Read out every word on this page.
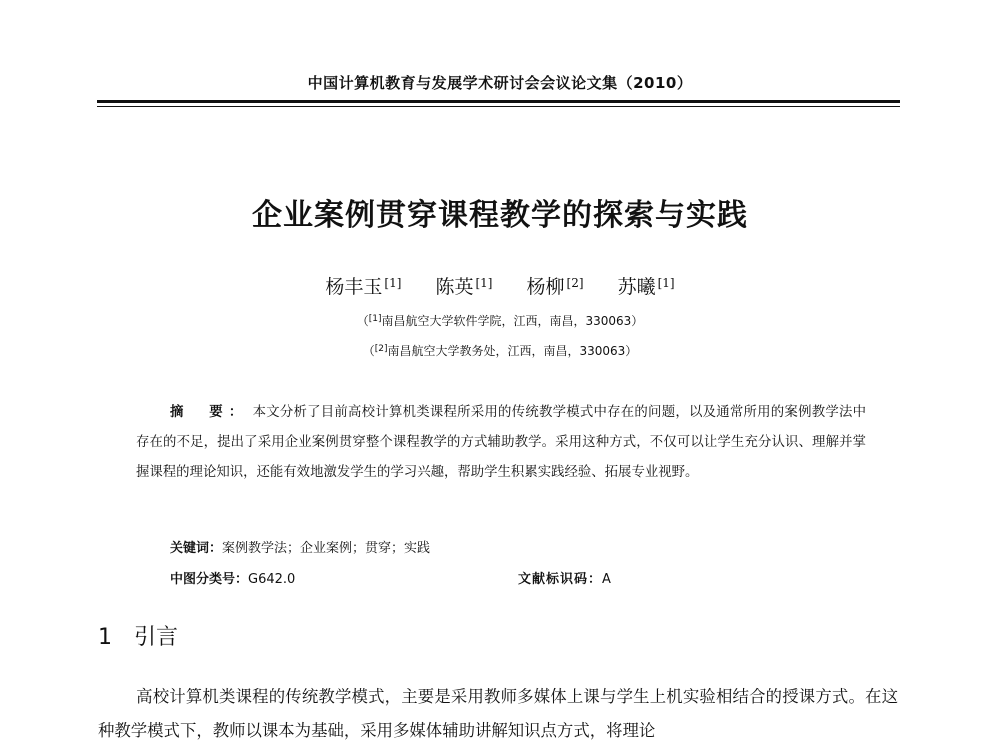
中国计算机教育与发展学术研讨会会议论文集（2010）
企业案例贯穿课程教学的探索与实践
杨丰玉 [1] 陈英 [1] 杨柳 [2] 苏曦 [1]
（[1]南昌航空大学软件学院，江西，南昌，330063）
（[2]南昌航空大学教务处，江西，南昌，330063）
摘　要： 本文分析了目前高校计算机类课程所采用的传统教学模式中存在的问题，以及通常所用的案例教学法中存在的不足，提出了采用企业案例贯穿整个课程教学的方式辅助教学。采用这种方式，不仅可以让学生充分认识、理解并掌握课程的理论知识，还能有效地激发学生的学习兴趣，帮助学生积累实践经验、拓展专业视野。
关键词：案例教学法；企业案例；贯穿；实践
中图分类号：G642.0	文献标识码：A
1 引言
高校计算机类课程的传统教学模式，主要是采用教师多媒体上课与学生上机实验相结合的授课方式。在这种教学模式下，教师以课本为基础，采用多媒体辅助讲解知识点方式，将理论
